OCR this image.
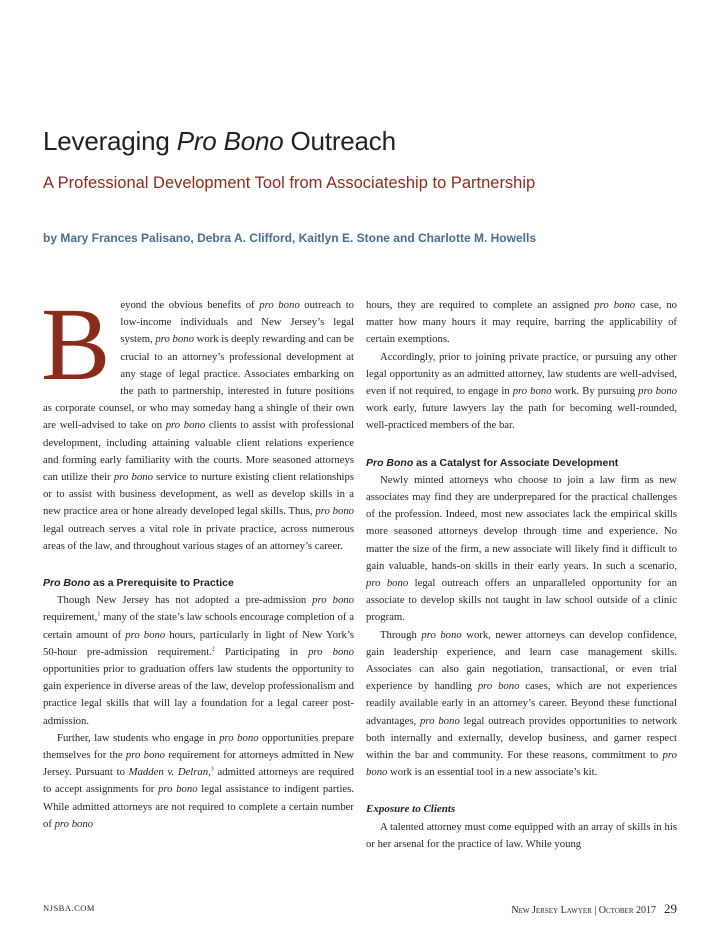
Leveraging Pro Bono Outreach
A Professional Development Tool from Associateship to Partnership
by Mary Frances Palisano, Debra A. Clifford, Kaitlyn E. Stone and Charlotte M. Howells

Beyond the obvious benefits of pro bono outreach to low-income individuals and New Jersey’s legal system, pro bono work is deeply rewarding and can be crucial to an attorney’s professional development at any stage of legal practice. Associates embarking on the path to partnership, interested in future positions as corporate counsel, or who may someday hang a shingle of their own are well-advised to take on pro bono clients to assist with professional development, including attaining valuable client relations experience and forming early familiarity with the courts. More seasoned attorneys can utilize their pro bono service to nurture existing client relationships or to assist with business development, as well as develop skills in a new practice area or hone already developed legal skills. Thus, pro bono legal outreach serves a vital role in private practice, across numerous areas of the law, and throughout various stages of an attorney’s career.

Pro Bono as a Prerequisite to Practice

Though New Jersey has not adopted a pre-admission pro bono requirement,$^1$ many of the state’s law schools encourage completion of a certain amount of pro bono hours, particularly in light of New York’s 50-hour pre-admission requirement.$^2$ Participating in pro bono opportunities prior to graduation offers law students the opportunity to gain experience in diverse areas of the law, develop professionalism and practice legal skills that will lay a foundation for a legal career post-admission.

Further, law students who engage in pro bono opportunities prepare themselves for the pro bono requirement for attorneys admitted in New Jersey. Pursuant to Madden v. Delran,$^3$ admitted attorneys are required to accept assignments for pro bono legal assistance to indigent parties. While admitted attorneys are not required to complete a certain number of pro bono

hours, they are required to complete an assigned pro bono case, no matter how many hours it may require, barring the applicability of certain exemptions.

Accordingly, prior to joining private practice, or pursuing any other legal opportunity as an admitted attorney, law students are well-advised, even if not required, to engage in pro bono work. By pursuing pro bono work early, future lawyers lay the path for becoming well-rounded, well-practiced members of the bar.

Pro Bono as a Catalyst for Associate Development

Newly minted attorneys who choose to join a law firm as new associates may find they are underprepared for the practical challenges of the profession. Indeed, most new associates lack the empirical skills more seasoned attorneys develop through time and experience. No matter the size of the firm, a new associate will likely find it difficult to gain valuable, hands-on skills in their early years. In such a scenario, pro bono legal outreach offers an unparalleled opportunity for an associate to develop skills not taught in law school outside of a clinic program.

Through pro bono work, newer attorneys can develop confidence, gain leadership experience, and learn case management skills. Associates can also gain negotiation, transactional, or even trial experience by handling pro bono cases, which are not experiences readily available early in an attorney’s career. Beyond these functional advantages, pro bono legal outreach provides opportunities to network both internally and externally, develop business, and garner respect within the bar and community. For these reasons, commitment to pro bono work is an essential tool in a new associate’s kit.

Exposure to Clients

A talented attorney must come equipped with an array of skills in his or her arsenal for the practice of law. While young

NJSBA.COM	New Jersey Lawyer | October 2017 29
